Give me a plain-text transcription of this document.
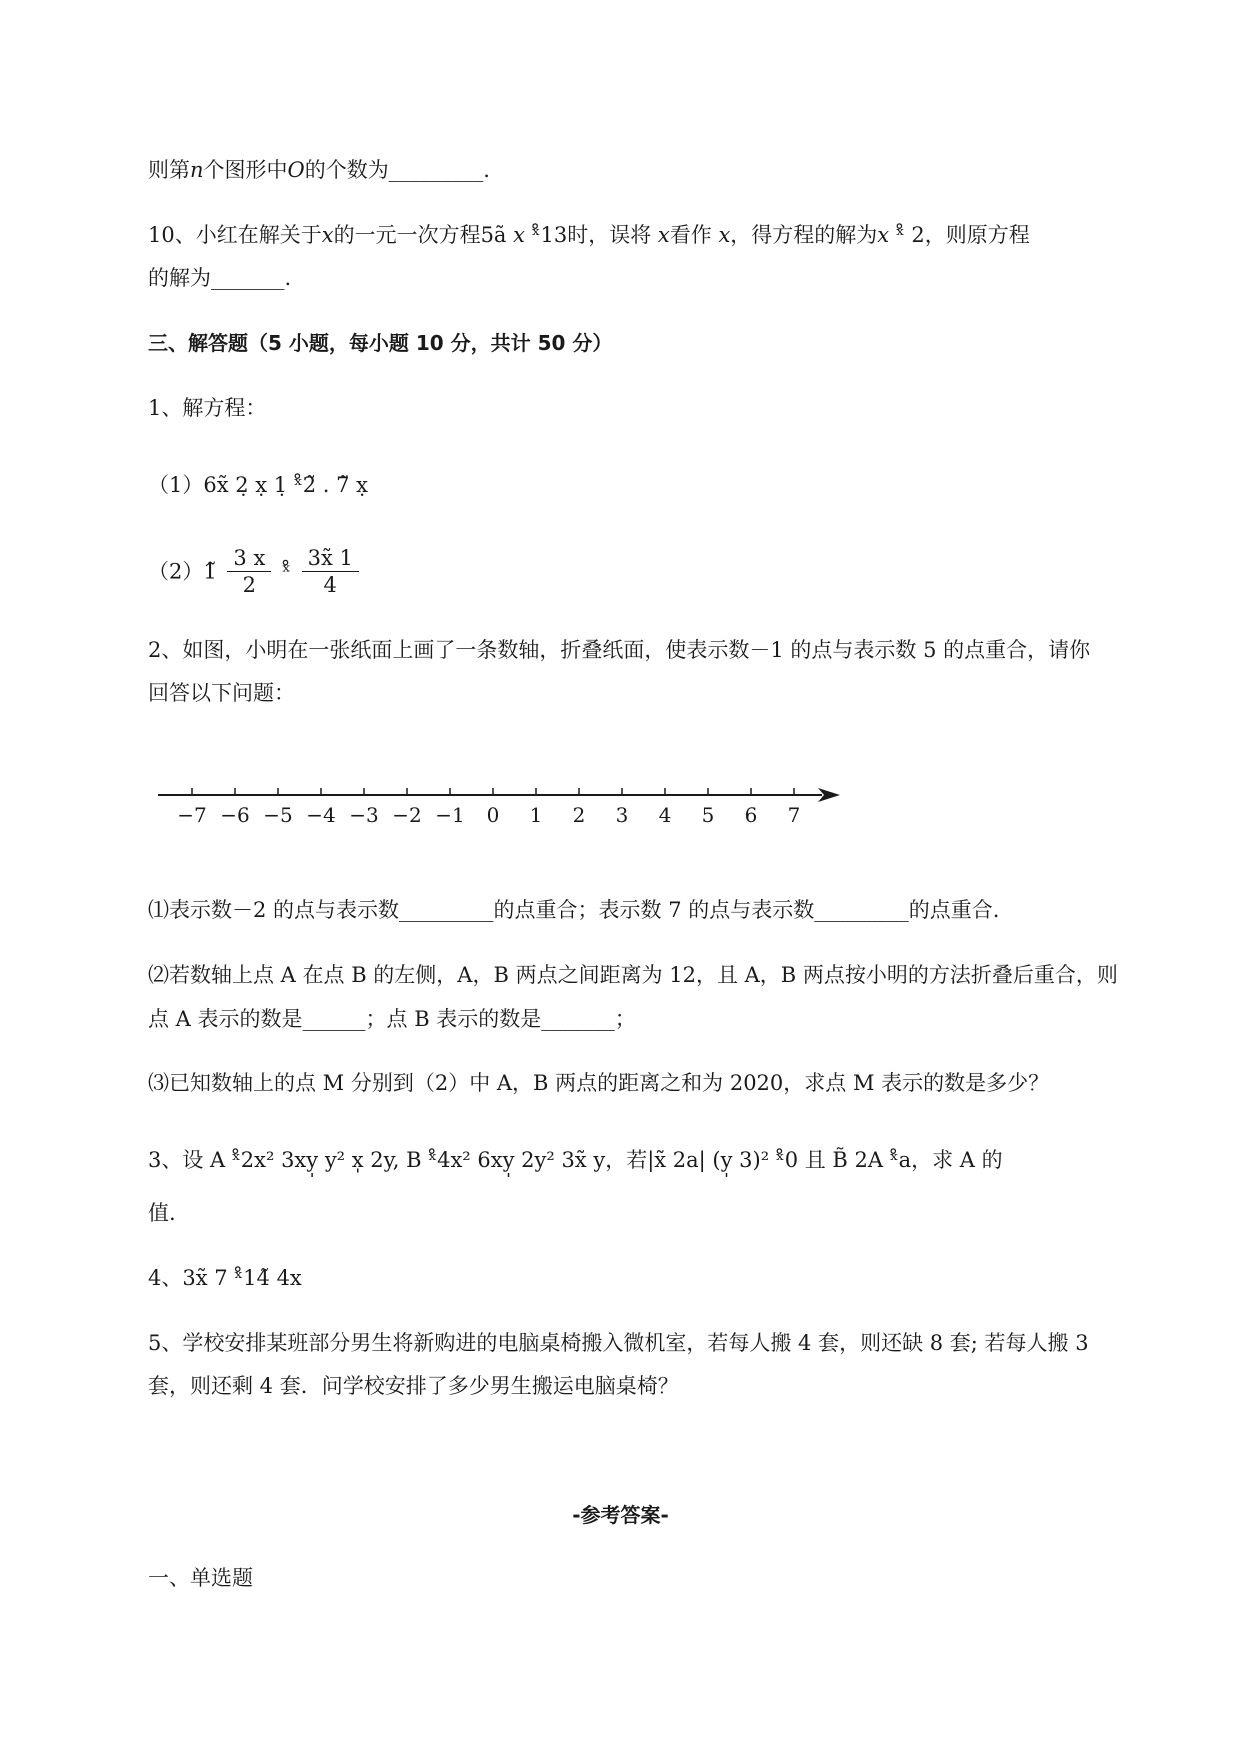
则第𝑛个图形中𝑂的个数为_________.
10、小红在解关于𝑥的一元一次方程5ã 𝑥 ˣ̊13时，误将 𝑥看作 𝑥，得方程的解为𝑥 ˣ̊ 2，则原方程
的解为_______.
三、解答题（5 小题，每小题 10 分，共计 50 分）
1、解方程：
（1）6x̃ 2̣ x̣ 1̣ ˣ̊2̃ . 7̃ x̣
（2）1̃ $\frac{3 x}{2}$ ˣ̊ $\frac{3x̃ 1}{4}$
2、如图，小明在一张纸面上画了一条数轴，折叠纸面，使表示数－1 的点与表示数 5 的点重合，请你
回答以下问题：
−7 −6 −5 −4 −3 −2 −1 0 1 2 3 4 5 6 7
⑴表示数－2 的点与表示数_________的点重合；表示数 7 的点与表示数_________的点重合.
⑵若数轴上点 A 在点 B 的左侧，A，B 两点之间距离为 12，且 A，B 两点按小明的方法折叠后重合，则
点 A 表示的数是______；点 B 表示的数是_______；
⑶已知数轴上的点 M 分别到（2）中 A，B 两点的距离之和为 2020，求点 M 表示的数是多少？
3、设 A ˣ̊2x² 3xy̩ y² x̩ 2y, B ˣ̊4x² 6xy̩ 2y² 3x̃ y，若|x̃ 2a| (y̩ 3)² ˣ̊0 且 B̃ 2A ˣ̊a，求 A 的
值.
4、3x̃ 7 ˣ̊14̃ 4x
5、学校安排某班部分男生将新购进的电脑桌椅搬入微机室，若每人搬 4 套，则还缺 8 套; 若每人搬 3
套，则还剩 4 套．问学校安排了多少男生搬运电脑桌椅？
-参考答案-
一、单选题
